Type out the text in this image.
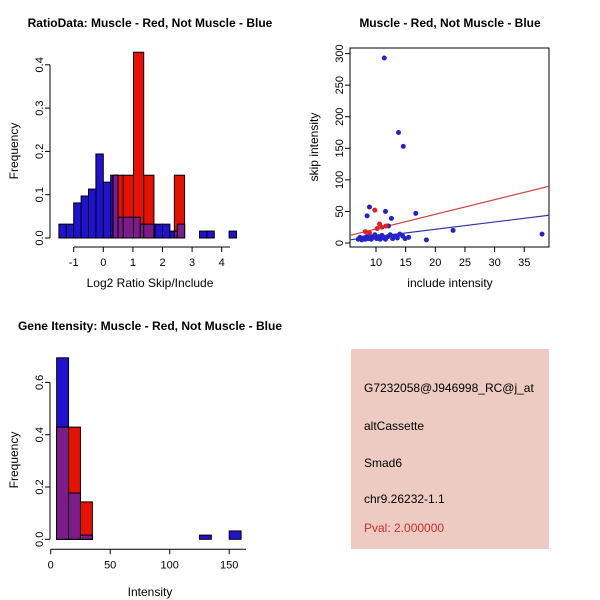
0.0
0.1
0.2
0.3
0.4
-1 0 1 2 3 4
RatioData: Muscle - Red, Not Muscle - Blue
Frequency
Log2 Ratio Skip/Include
0
50
100
150
200
250
300
10 15 20 25 30 35
Muscle - Red, Not Muscle - Blue
skip intensity
include intensity
0.0
0.2
0.4
0.6
0	50	100	150
Gene Itensity: Muscle - Red, Not Muscle - Blue
Frequency
Intensity
G7232058@J946998_RC@j_at
altCassette
Smad6
chr9.26232-1.1
Pval: 2.000000
